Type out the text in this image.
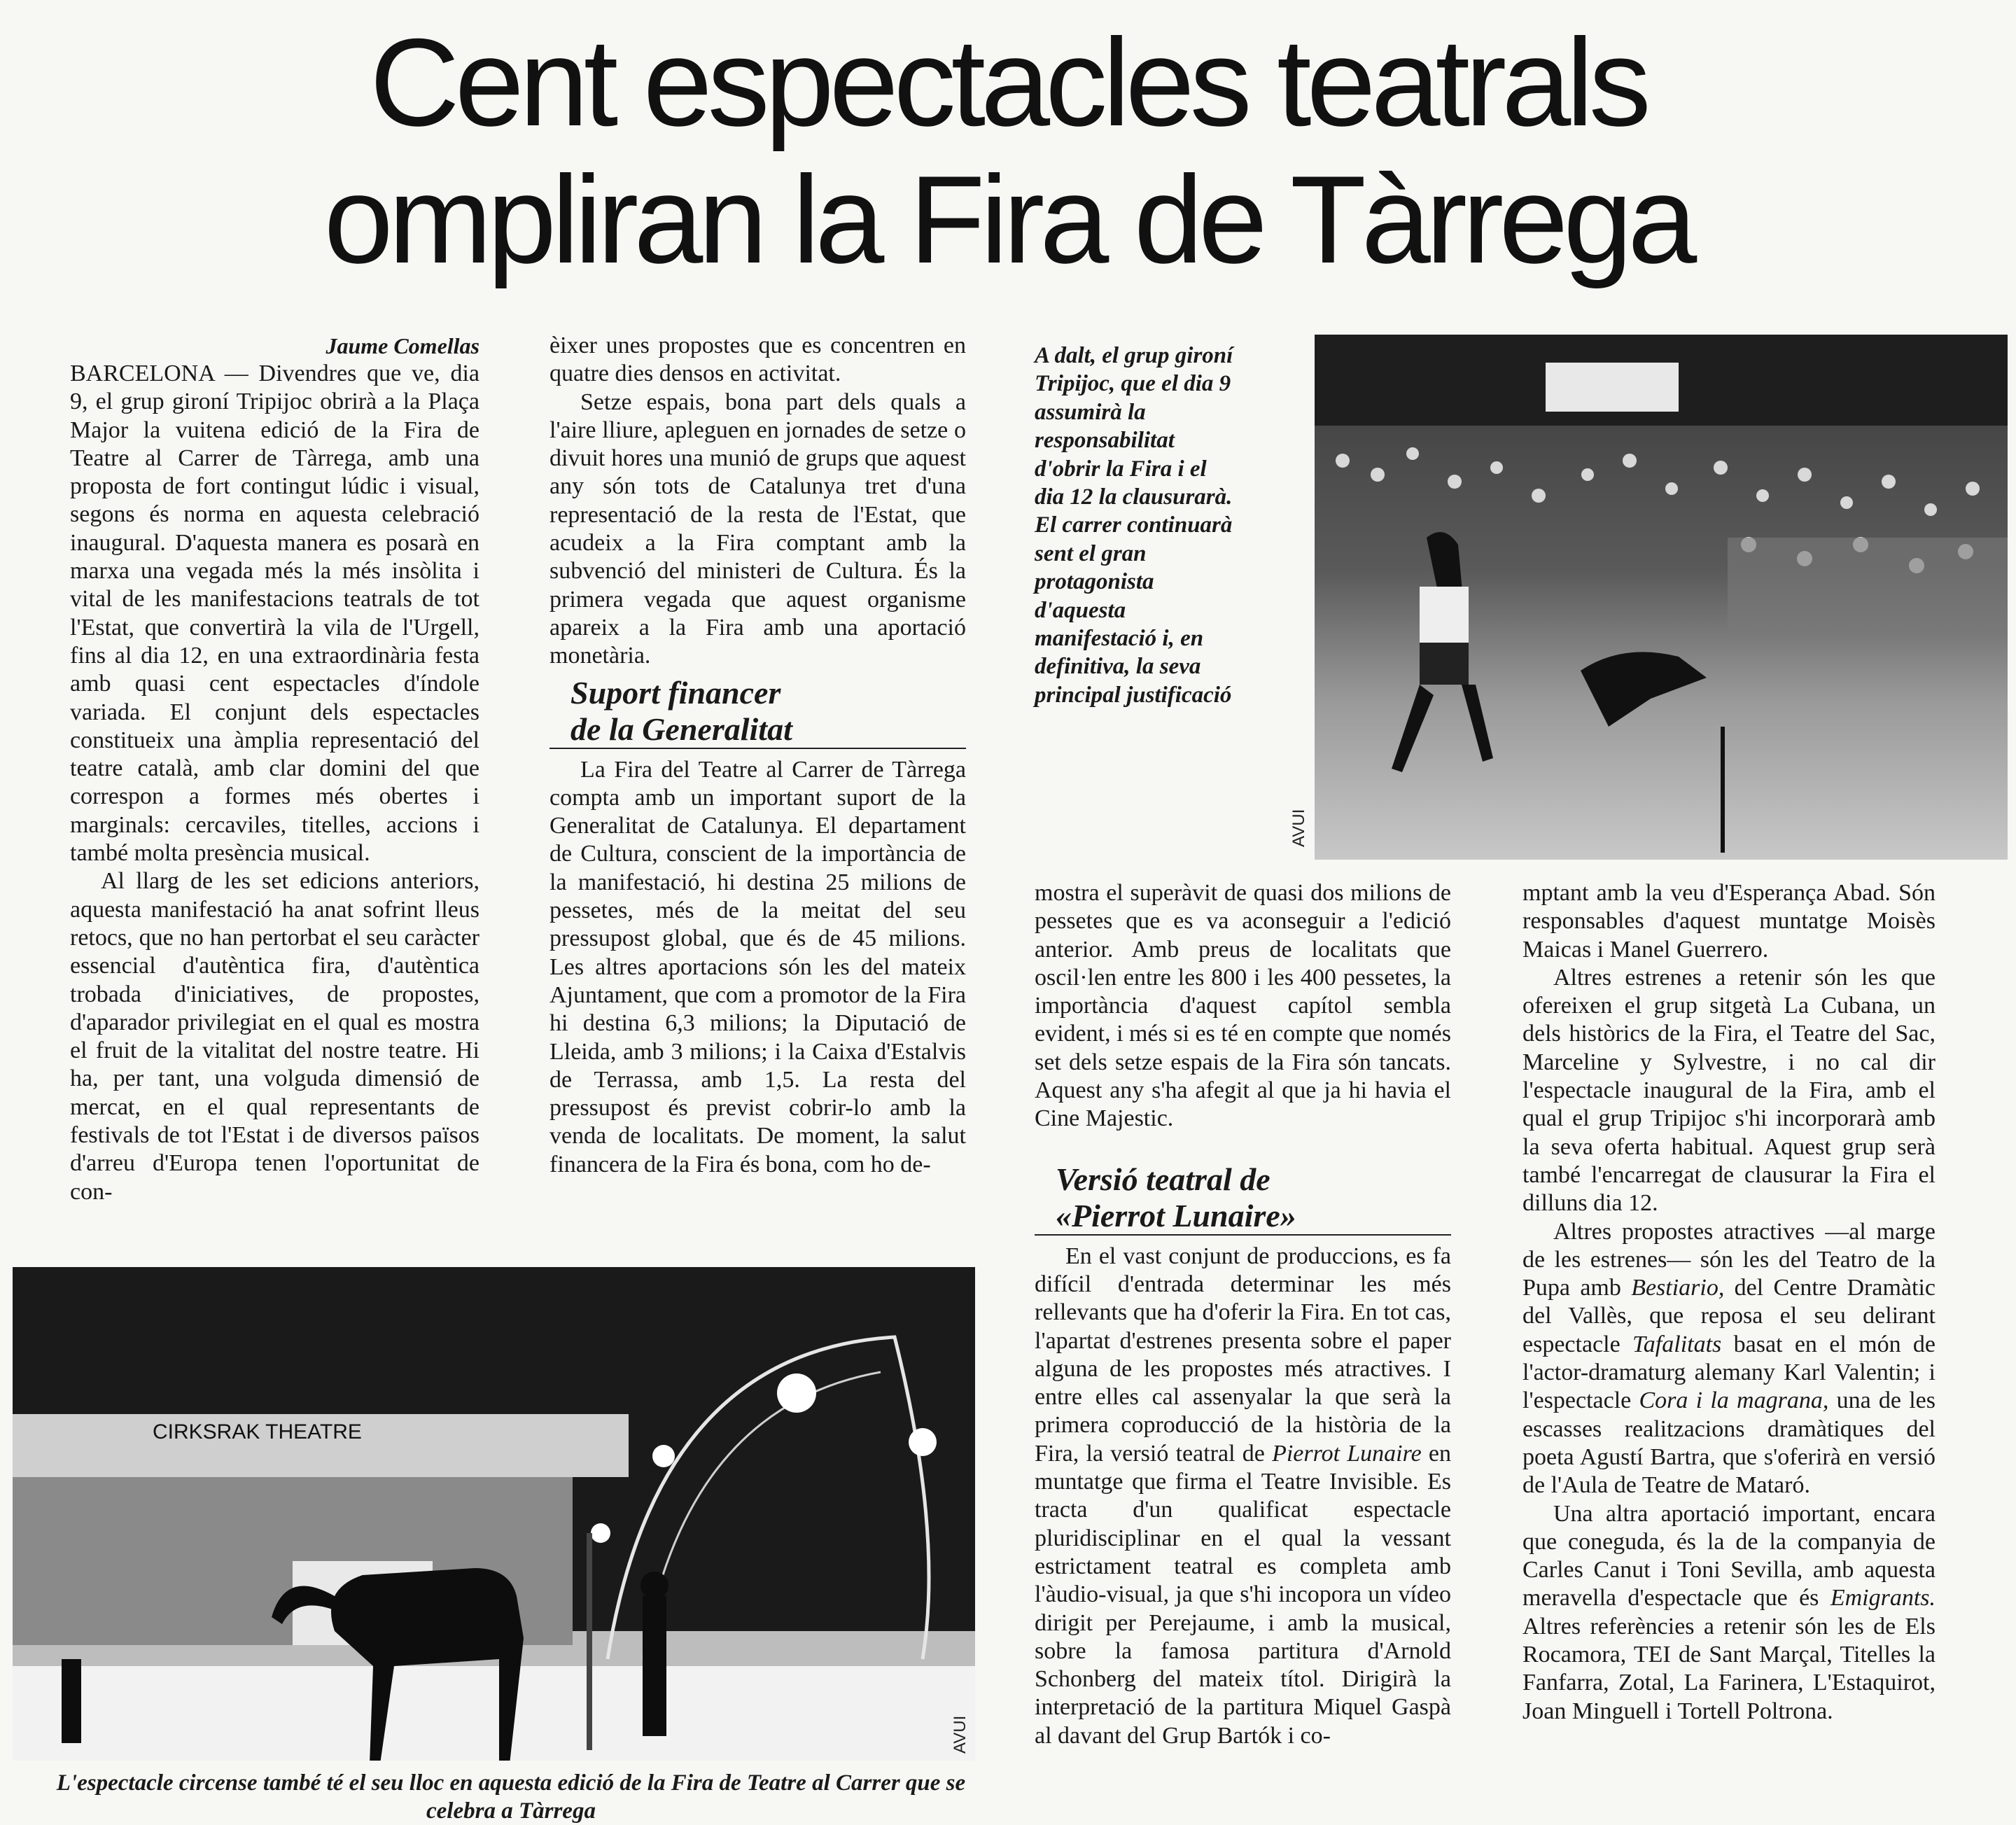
Cent espectacles teatrals
ompliran la Fira de Tàrrega
Jaume Comellas

BARCELONA — Divendres que ve, dia 9, el grup gironí Tripijoc obrirà a la Plaça Major la vuitena edició de la Fira de Teatre al Carrer de Tàrrega, amb una proposta de fort contingut lúdic i visual, segons és norma en aquesta celebració inaugural. D'aquesta manera es posarà en marxa una vegada més la més insòlita i vital de les manifestacions teatrals de tot l'Estat, que convertirà la vila de l'Urgell, fins al dia 12, en una extraordinària festa amb quasi cent espectacles d'índole variada. El conjunt dels espectacles constitueix una àmplia representació del teatre català, amb clar domini del que correspon a formes més obertes i marginals: cercaviles, titelles, accions i també molta presència musical.

Al llarg de les set edicions anteriors, aquesta manifestació ha anat sofrint lleus retocs, que no han pertorbat el seu caràcter essencial d'autèntica fira, d'autèntica trobada d'iniciatives, de propostes, d'aparador privilegiat en el qual es mostra el fruit de la vitalitat del nostre teatre. Hi ha, per tant, una volguda dimensió de mercat, en el qual representants de festivals de tot l'Estat i de diversos països d'arreu d'Europa tenen l'oportunitat de con-

èixer unes propostes que es concentren en quatre dies densos en activitat.

Setze espais, bona part dels quals a l'aire lliure, apleguen en jornades de setze o divuit hores una munió de grups que aquest any són tots de Catalunya tret d'una representació de la resta de l'Estat, que acudeix a la Fira comptant amb la subvenció del ministeri de Cultura. És la primera vegada que aquest organisme apareix a la Fira amb una aportació monetària.

Suport financer
de la Generalitat

La Fira del Teatre al Carrer de Tàrrega compta amb un important suport de la Generalitat de Catalunya. El departament de Cultura, conscient de la importància de la manifestació, hi destina 25 milions de pessetes, més de la meitat del seu pressupost global, que és de 45 milions. Les altres aportacions són les del mateix Ajuntament, que com a promotor de la Fira hi destina 6,3 milions; la Diputació de Lleida, amb 3 milions; i la Caixa d'Estalvis de Terrassa, amb 1,5. La resta del pressupost és previst cobrir-lo amb la venda de localitats. De moment, la salut financera de la Fira és bona, com ho de-

A dalt, el grup gironí Tripijoc, que el dia 9 assumirà la responsabilitat d'obrir la Fira i el dia 12 la clausurarà. El carrer continuarà sent el gran protagonista d'aquesta manifestació i, en definitiva, la seva principal justificació
AVUI

mostra el superàvit de quasi dos milions de pessetes que es va aconseguir a l'edició anterior. Amb preus de localitats que oscil·len entre les 800 i les 400 pessetes, la importància d'aquest capítol sembla evident, i més si es té en compte que només set dels setze espais de la Fira són tancats. Aquest any s'ha afegit al que ja hi havia el Cine Majestic.

Versió teatral de
«Pierrot Lunaire»

En el vast conjunt de produccions, es fa difícil d'entrada determinar les més rellevants que ha d'oferir la Fira. En tot cas, l'apartat d'estrenes presenta sobre el paper alguna de les propostes més atractives. I entre elles cal assenyalar la que serà la primera coproducció de la història de la Fira, la versió teatral de Pierrot Lunaire en muntatge que firma el Teatre Invisible. Es tracta d'un qualificat espectacle pluridisciplinar en el qual la vessant estrictament teatral es completa amb l'àudio-visual, ja que s'hi incopora un vídeo dirigit per Perejaume, i amb la musical, sobre la famosa partitura d'Arnold Schonberg del mateix títol. Dirigirà la interpretació de la partitura Miquel Gaspà al davant del Grup Bartók i co-

mptant amb la veu d'Esperança Abad. Són responsables d'aquest muntatge Moisès Maicas i Manel Guerrero.

Altres estrenes a retenir són les que ofereixen el grup sitgetà La Cubana, un dels històrics de la Fira, el Teatre del Sac, Marceline y Sylvestre, i no cal dir l'espectacle inaugural de la Fira, amb el qual el grup Tripijoc s'hi incorporarà amb la seva oferta habitual. Aquest grup serà també l'encarregat de clausurar la Fira el dilluns dia 12.

Altres propostes atractives —al marge de les estrenes— són les del Teatro de la Pupa amb Bestiario, del Centre Dramàtic del Vallès, que reposa el seu delirant espectacle Tafalitats basat en el món de l'actor-dramaturg alemany Karl Valentin; i l'espectacle Cora i la magrana, una de les escasses realitzacions dramàtiques del poeta Agustí Bartra, que s'oferirà en versió de l'Aula de Teatre de Mataró.

Una altra aportació important, encara que coneguda, és la de la companyia de Carles Canut i Toni Sevilla, amb aquesta meravella d'espectacle que és Emigrants. Altres referències a retenir són les de Els Rocamora, TEI de Sant Marçal, Titelles la Fanfarra, Zotal, La Farinera, L'Estaquirot, Joan Minguell i Tortell Poltrona.

CIRKSRAK THEATRE
AVUI
L'espectacle circense també té el seu lloc en aquesta edició de la Fira de Teatre al Carrer que se celebra a Tàrrega
